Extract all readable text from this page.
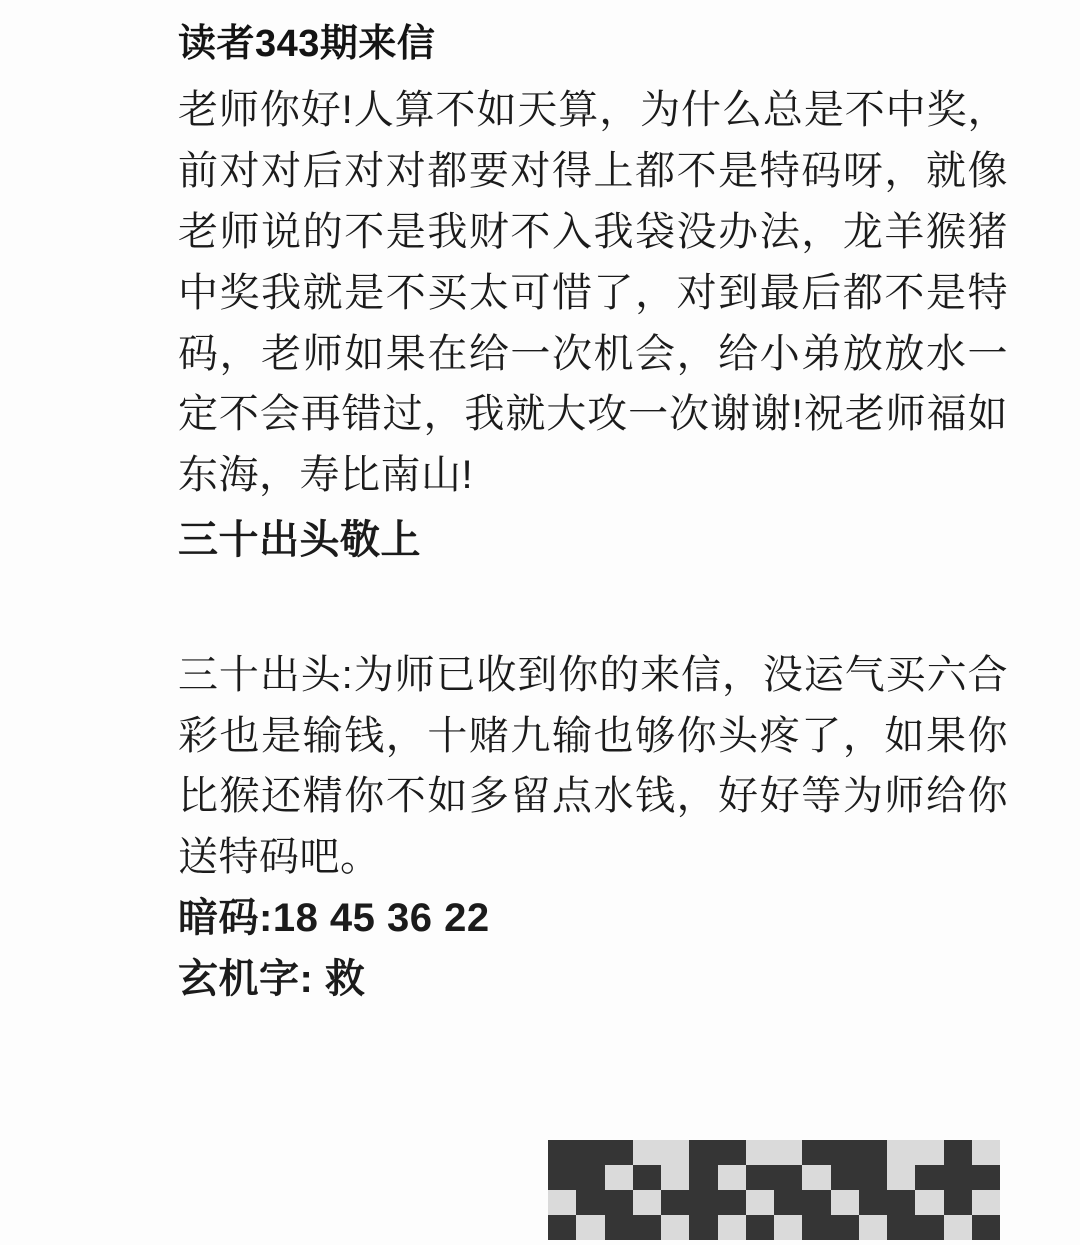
读者343期来信

老师你好!人算不如天算，为什么总是不中奖，前对对后对对都要对得上都不是特码呀，就像老师说的不是我财不入我袋没办法，龙羊猴猪中奖我就是不买太可惜了，对到最后都不是特码，老师如果在给一次机会，给小弟放放水一定不会再错过，我就大攻一次谢谢!祝老师福如东海，寿比南山!

三十出头敬上

三十出头:为师已收到你的来信，没运气买六合彩也是输钱，十赌九输也够你头疼了，如果你比猴还精你不如多留点水钱，好好等为师给你送特码吧。

暗码:18 45 36 22

玄机字: 救
